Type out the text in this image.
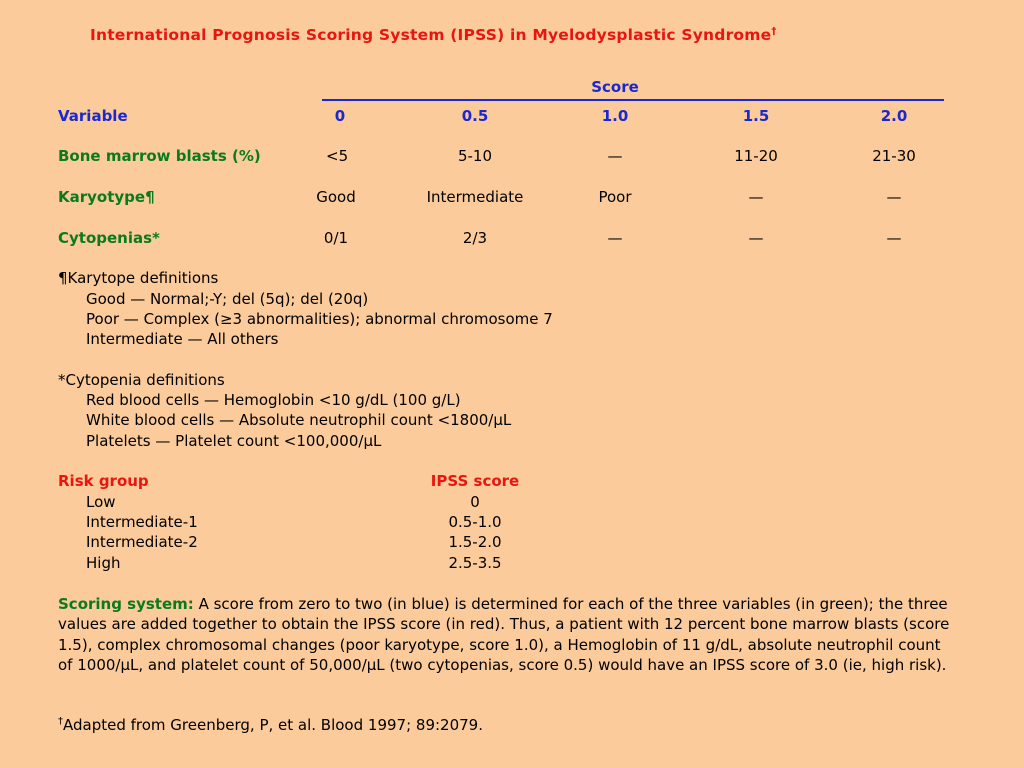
International Prognosis Scoring System (IPSS) in Myelodysplastic Syndrome†
Score
Variable	0	0.5	1.0	1.5	2.0
Bone marrow blasts (%)	<5	5-10	—	11-20	21-30
Karyotype¶	Good	Intermediate	Poor	—	—
Cytopenias*	0/1	2/3	—	—	—
¶Karytope definitions
Good — Normal;-Y; del (5q); del (20q)
Poor — Complex (≥3 abnormalities); abnormal chromosome 7
Intermediate — All others
*Cytopenia definitions
Red blood cells — Hemoglobin <10 g/dL (100 g/L)
White blood cells — Absolute neutrophil count <1800/µL
Platelets — Platelet count <100,000/µL
Risk group	IPSS score
Low	0
Intermediate-1	0.5-1.0
Intermediate-2	1.5-2.0
High	2.5-3.5
Scoring system: A score from zero to two (in blue) is determined for each of the three variables (in green); the three values are added together to obtain the IPSS score (in red). Thus, a patient with 12 percent bone marrow blasts (score 1.5), complex chromosomal changes (poor karyotype, score 1.0), a Hemoglobin of 11 g/dL, absolute neutrophil count of 1000/µL, and platelet count of 50,000/µL (two cytopenias, score 0.5) would have an IPSS score of 3.0 (ie, high risk).
†Adapted from Greenberg, P, et al. Blood 1997; 89:2079.
